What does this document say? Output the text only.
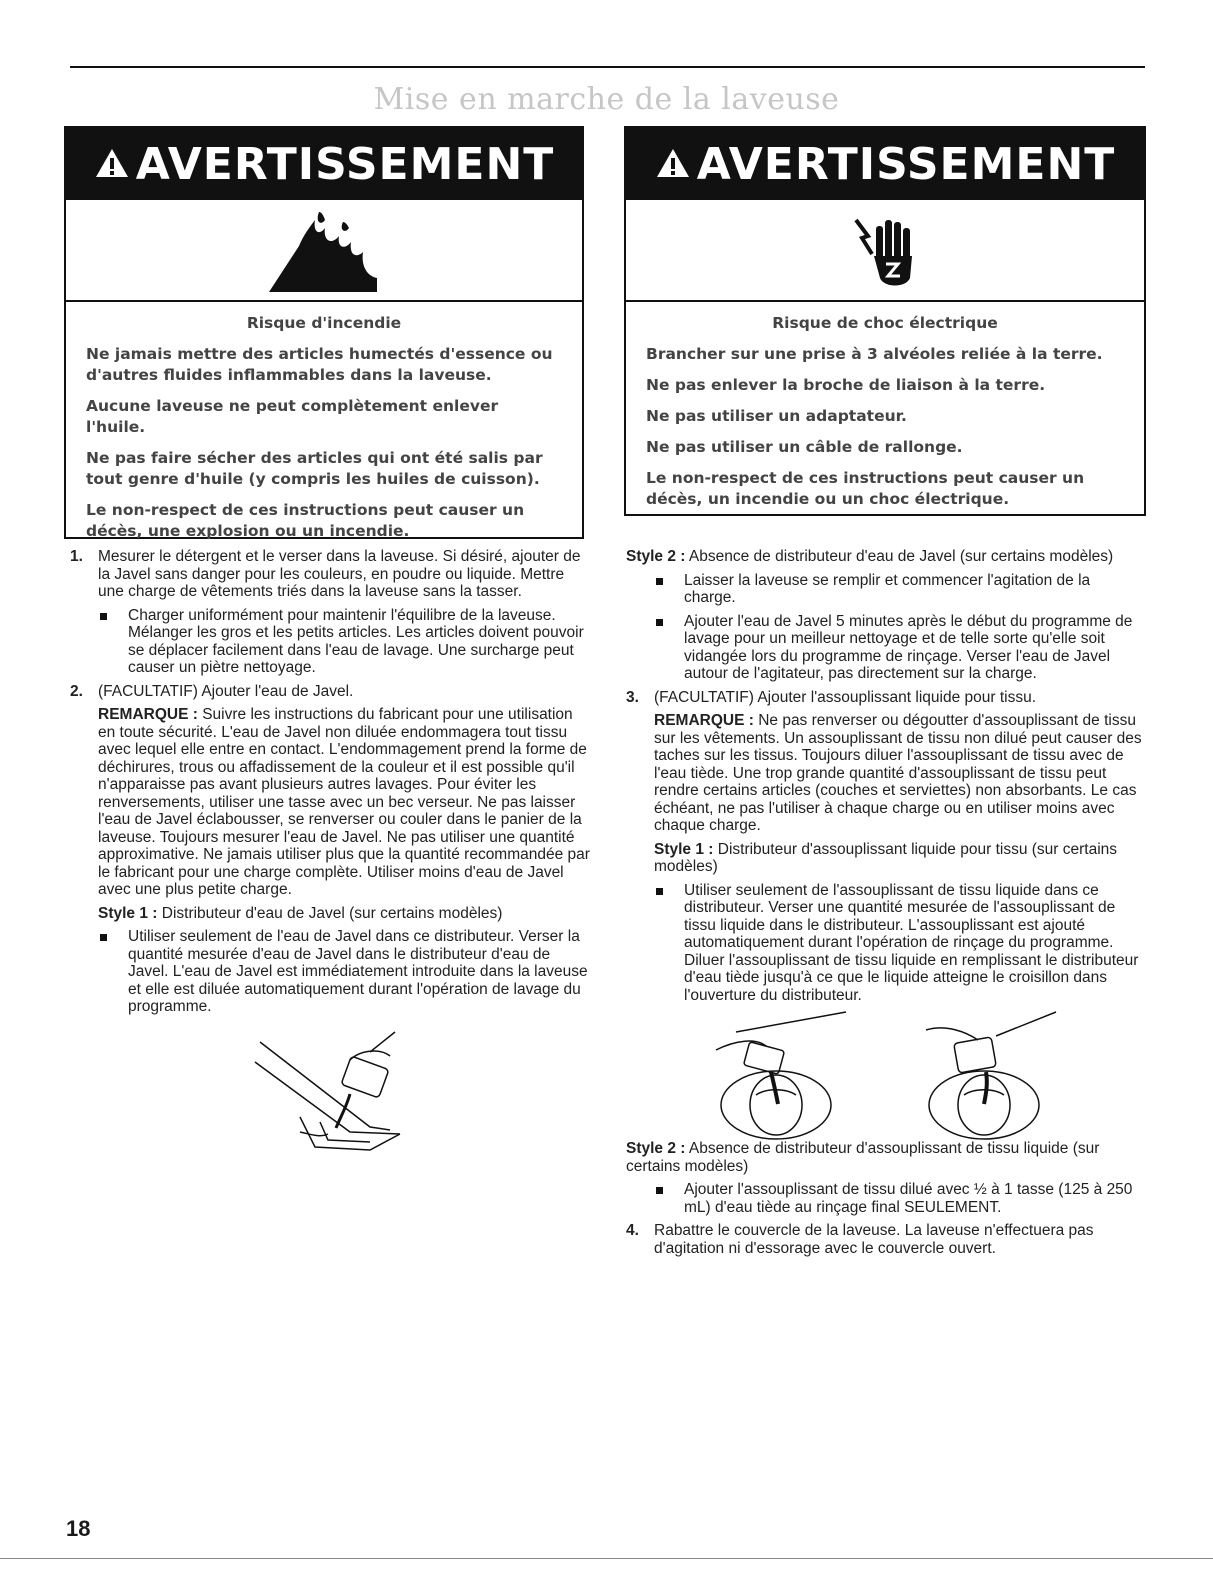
Mise en marche de la laveuse
AVERTISSEMENT
Risque d'incendie

Ne jamais mettre des articles humectés d'essence ou d'autres fluides inflammables dans la laveuse.

Aucune laveuse ne peut complètement enlever l'huile.

Ne pas faire sécher des articles qui ont été salis par tout genre d'huile (y compris les huiles de cuisson).

Le non-respect de ces instructions peut causer un décès, une explosion ou un incendie.

AVERTISSEMENT
Risque de choc électrique

Brancher sur une prise à 3 alvéoles reliée à la terre.

Ne pas enlever la broche de liaison à la terre.

Ne pas utiliser un adaptateur.

Ne pas utiliser un câble de rallonge.

Le non-respect de ces instructions peut causer un décès, un incendie ou un choc électrique.

1. Mesurer le détergent et le verser dans la laveuse. Si désiré, ajouter de la Javel sans danger pour les couleurs, en poudre ou liquide. Mettre une charge de vêtements triés dans la laveuse sans la tasser.
Charger uniformément pour maintenir l'équilibre de la laveuse. Mélanger les gros et les petits articles. Les articles doivent pouvoir se déplacer facilement dans l'eau de lavage. Une surcharge peut causer un piètre nettoyage.
2. (FACULTATIF) Ajouter l'eau de Javel.
REMARQUE : Suivre les instructions du fabricant pour une utilisation en toute sécurité. L'eau de Javel non diluée endommagera tout tissu avec lequel elle entre en contact. L'endommagement prend la forme de déchirures, trous ou affadissement de la couleur et il est possible qu'il n'apparaisse pas avant plusieurs autres lavages. Pour éviter les renversements, utiliser une tasse avec un bec verseur. Ne pas laisser l'eau de Javel éclabousser, se renverser ou couler dans le panier de la laveuse. Toujours mesurer l'eau de Javel. Ne pas utiliser une quantité approximative. Ne jamais utiliser plus que la quantité recommandée par le fabricant pour une charge complète. Utiliser moins d'eau de Javel avec une plus petite charge.
Style 1 : Distributeur d'eau de Javel (sur certains modèles)
Utiliser seulement de l'eau de Javel dans ce distributeur. Verser la quantité mesurée d'eau de Javel dans le distributeur d'eau de Javel. L'eau de Javel est immédiatement introduite dans la laveuse et elle est diluée automatiquement durant l'opération de lavage du programme.
Style 2 : Absence de distributeur d'eau de Javel (sur certains modèles)
Laisser la laveuse se remplir et commencer l'agitation de la charge.
Ajouter l'eau de Javel 5 minutes après le début du programme de lavage pour un meilleur nettoyage et de telle sorte qu'elle soit vidangée lors du programme de rinçage. Verser l'eau de Javel autour de l'agitateur, pas directement sur la charge.
3. (FACULTATIF) Ajouter l'assouplissant liquide pour tissu.
REMARQUE : Ne pas renverser ou dégoutter d'assouplissant de tissu sur les vêtements. Un assouplissant de tissu non dilué peut causer des taches sur les tissus. Toujours diluer l'assouplissant de tissu avec de l'eau tiède. Une trop grande quantité d'assouplissant de tissu peut rendre certains articles (couches et serviettes) non absorbants. Le cas échéant, ne pas l'utiliser à chaque charge ou en utiliser moins avec chaque charge.
Style 1 : Distributeur d'assouplissant liquide pour tissu (sur certains modèles)
Utiliser seulement de l'assouplissant de tissu liquide dans ce distributeur. Verser une quantité mesurée de l'assouplissant de tissu liquide dans le distributeur. L'assouplissant est ajouté automatiquement durant l'opération de rinçage du programme. Diluer l'assouplissant de tissu liquide en remplissant le distributeur d'eau tiède jusqu'à ce que le liquide atteigne le croisillon dans l'ouverture du distributeur.
Style 2 : Absence de distributeur d'assouplissant de tissu liquide (sur certains modèles)
Ajouter l'assouplissant de tissu dilué avec ½ à 1 tasse (125 à 250 mL) d'eau tiède au rinçage final SEULEMENT.
4. Rabattre le couvercle de la laveuse. La laveuse n'effectuera pas d'agitation ni d'essorage avec le couvercle ouvert.
18
